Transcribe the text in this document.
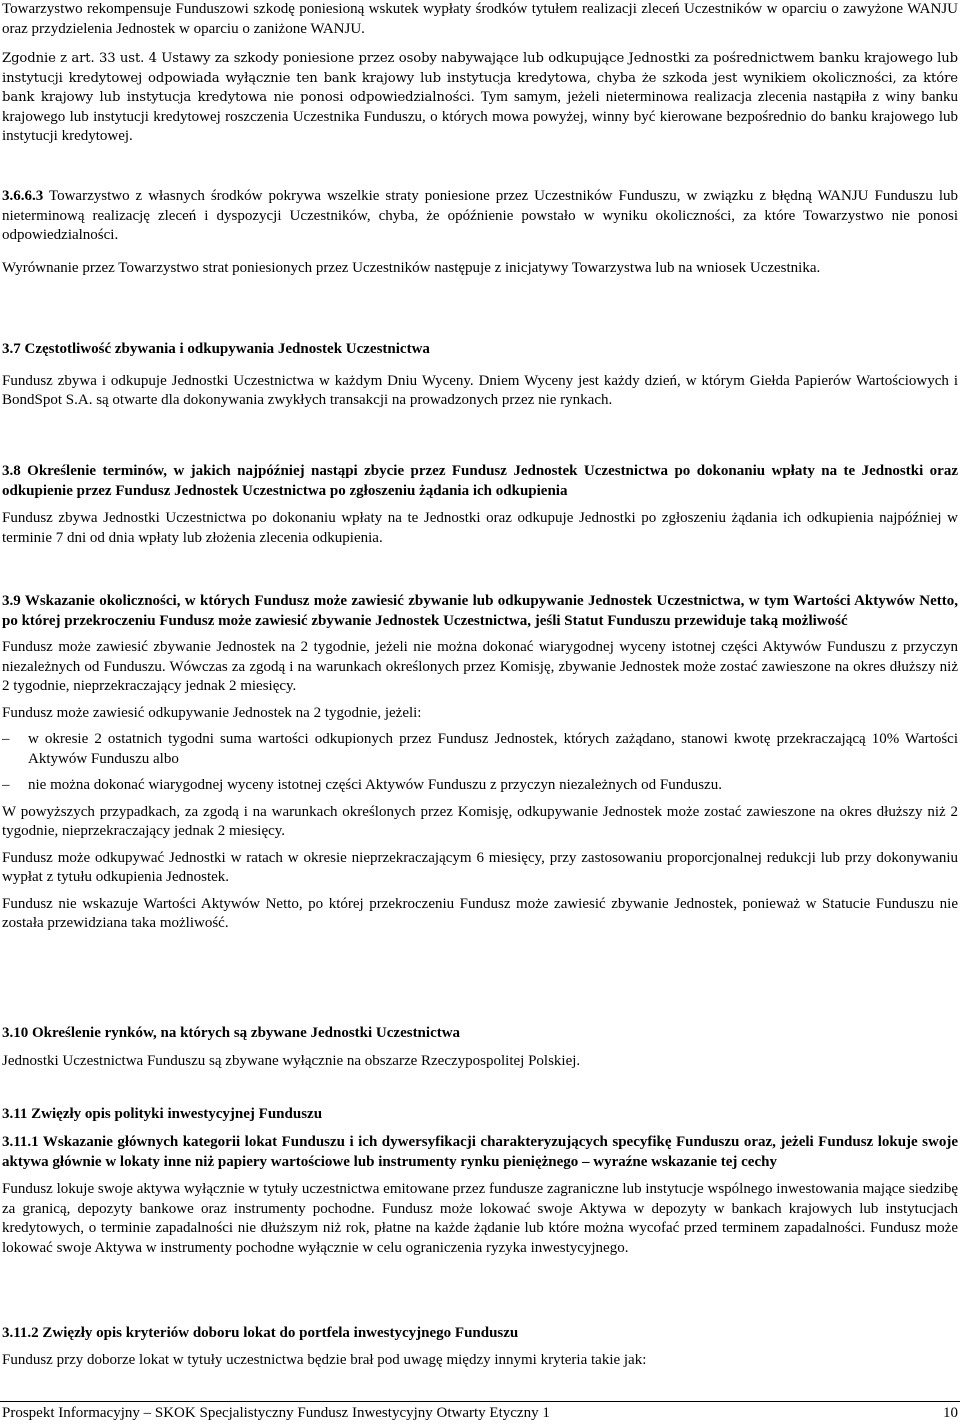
Towarzystwo rekompensuje Funduszowi szkodę poniesioną wskutek wypłaty środków tytułem realizacji zleceń Uczestników w oparciu o zawyżone WANJU oraz przydzielenia Jednostek w oparciu o zaniżone WANJU.

Zgodnie z art. 33 ust. 4 Ustawy za szkody poniesione przez osoby nabywające lub odkupujące Jednostki za pośrednictwem banku krajowego lub instytucji kredytowej odpowiada wyłącznie ten bank krajowy lub instytucja kredytowa, chyba że szkoda jest wynikiem okoliczności, za które bank krajowy lub instytucja kredytowa nie ponosi odpowiedzialności. Tym samym, jeżeli nieterminowa realizacja zlecenia nastąpiła z winy banku krajowego lub instytucji kredytowej roszczenia Uczestnika Funduszu, o których mowa powyżej, winny być kierowane bezpośrednio do banku krajowego lub instytucji kredytowej.

3.6.6.3 Towarzystwo z własnych środków pokrywa wszelkie straty poniesione przez Uczestników Funduszu, w związku z błędną WANJU Funduszu lub nieterminową realizację zleceń i dyspozycji Uczestników, chyba, że opóźnienie powstało w wyniku okoliczności, za które Towarzystwo nie ponosi odpowiedzialności.

Wyrównanie przez Towarzystwo strat poniesionych przez Uczestników następuje z inicjatywy Towarzystwa lub na wniosek Uczestnika.

3.7 Częstotliwość zbywania i odkupywania Jednostek Uczestnictwa

Fundusz zbywa i odkupuje Jednostki Uczestnictwa w każdym Dniu Wyceny. Dniem Wyceny jest każdy dzień, w którym Giełda Papierów Wartościowych i BondSpot S.A. są otwarte dla dokonywania zwykłych transakcji na prowadzonych przez nie rynkach.

3.8 Określenie terminów, w jakich najpóźniej nastąpi zbycie przez Fundusz Jednostek Uczestnictwa po dokonaniu wpłaty na te Jednostki oraz odkupienie przez Fundusz Jednostek Uczestnictwa po zgłoszeniu żądania ich odkupienia

Fundusz zbywa Jednostki Uczestnictwa po dokonaniu wpłaty na te Jednostki oraz odkupuje Jednostki po zgłoszeniu żądania ich odkupienia najpóźniej w terminie 7 dni od dnia wpłaty lub złożenia zlecenia odkupienia.

3.9 Wskazanie okoliczności, w których Fundusz może zawiesić zbywanie lub odkupywanie Jednostek Uczestnictwa, w tym Wartości Aktywów Netto, po której przekroczeniu Fundusz może zawiesić zbywanie Jednostek Uczestnictwa, jeśli Statut Funduszu przewiduje taką możliwość

Fundusz może zawiesić zbywanie Jednostek na 2 tygodnie, jeżeli nie można dokonać wiarygodnej wyceny istotnej części Aktywów Funduszu z przyczyn niezależnych od Funduszu. Wówczas za zgodą i na warunkach określonych przez Komisję, zbywanie Jednostek może zostać zawieszone na okres dłuższy niż 2 tygodnie, nieprzekraczający jednak 2 miesięcy.

Fundusz może zawiesić odkupywanie Jednostek na 2 tygodnie, jeżeli:

– w okresie 2 ostatnich tygodni suma wartości odkupionych przez Fundusz Jednostek, których zażądano, stanowi kwotę przekraczającą 10% Wartości Aktywów Funduszu albo

– nie można dokonać wiarygodnej wyceny istotnej części Aktywów Funduszu z przyczyn niezależnych od Funduszu.

W powyższych przypadkach, za zgodą i na warunkach określonych przez Komisję, odkupywanie Jednostek może zostać zawieszone na okres dłuższy niż 2 tygodnie, nieprzekraczający jednak 2 miesięcy.

Fundusz może odkupywać Jednostki w ratach w okresie nieprzekraczającym 6 miesięcy, przy zastosowaniu proporcjonalnej redukcji lub przy dokonywaniu wypłat z tytułu odkupienia Jednostek.

Fundusz nie wskazuje Wartości Aktywów Netto, po której przekroczeniu Fundusz może zawiesić zbywanie Jednostek, ponieważ w Statucie Funduszu nie została przewidziana taka możliwość.

3.10 Określenie rynków, na których są zbywane Jednostki Uczestnictwa

Jednostki Uczestnictwa Funduszu są zbywane wyłącznie na obszarze Rzeczypospolitej Polskiej.

3.11 Zwięzły opis polityki inwestycyjnej Funduszu

3.11.1 Wskazanie głównych kategorii lokat Funduszu i ich dywersyfikacji charakteryzujących specyfikę Funduszu oraz, jeżeli Fundusz lokuje swoje aktywa głównie w lokaty inne niż papiery wartościowe lub instrumenty rynku pieniężnego – wyraźne wskazanie tej cechy

Fundusz lokuje swoje aktywa wyłącznie w tytuły uczestnictwa emitowane przez fundusze zagraniczne lub instytucje wspólnego inwestowania mające siedzibę za granicą, depozyty bankowe oraz instrumenty pochodne. Fundusz może lokować swoje Aktywa w depozyty w bankach krajowych lub instytucjach kredytowych, o terminie zapadalności nie dłuższym niż rok, płatne na każde żądanie lub które można wycofać przed terminem zapadalności. Fundusz może lokować swoje Aktywa w instrumenty pochodne wyłącznie w celu ograniczenia ryzyka inwestycyjnego.

3.11.2 Zwięzły opis kryteriów doboru lokat do portfela inwestycyjnego Funduszu

Fundusz przy doborze lokat w tytuły uczestnictwa będzie brał pod uwagę między innymi kryteria takie jak:

Prospekt Informacyjny – SKOK Specjalistyczny Fundusz Inwestycyjny Otwarty Etyczny 1	10
